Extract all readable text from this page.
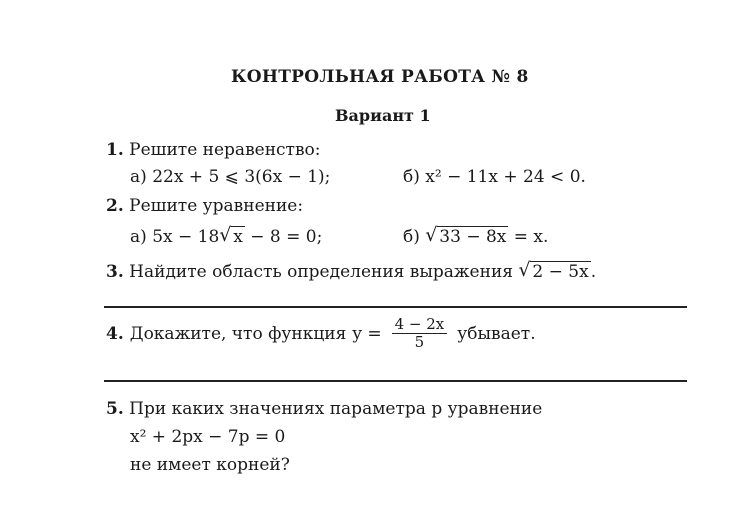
КОНТРОЛЬНАЯ РАБОТА № 8
Вариант 1
1. Решите неравенство:
а) 22x + 5 ⩽ 3(6x − 1);	б) x² − 11x + 24 < 0.
2. Решите уравнение:
а) 5x − 18 √ x − 8 = 0;	б) √ 33 − 8x = x.
3. Найдите область определения выражения √ 2 − 5x .
4. Докажите, что функция $y = \frac{4 - 2x}{5}$ убывает.
5. При каких значениях параметра p уравнение
x² + 2px − 7p = 0
не имеет корней?
